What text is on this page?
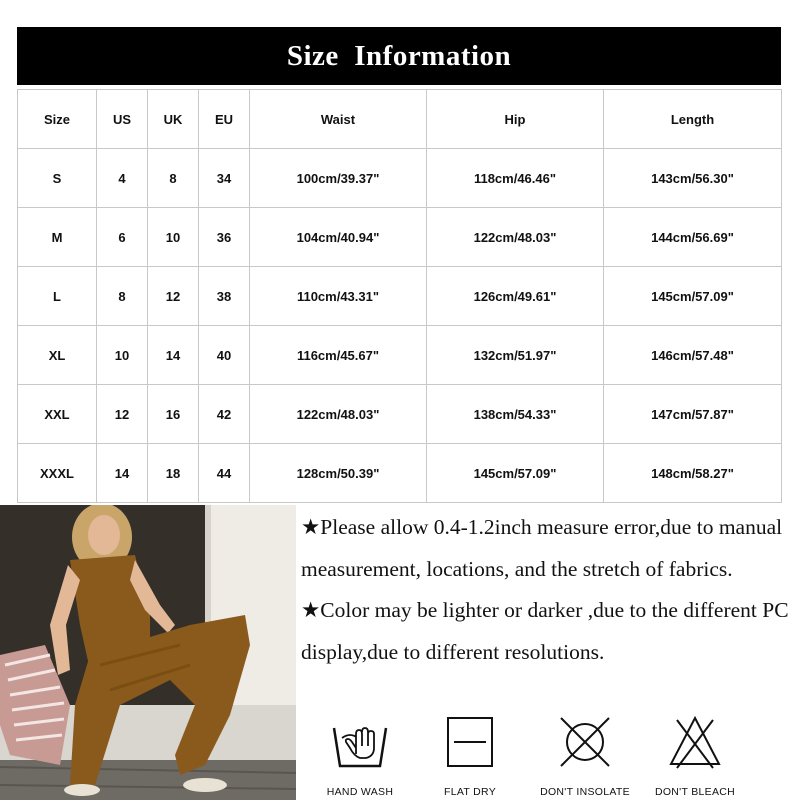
Size  Information
Size	US	UK	EU	Waist	Hip	Length
S	4	8	34	100cm/39.37"	118cm/46.46"	143cm/56.30"
M	6	10	36	104cm/40.94"	122cm/48.03"	144cm/56.69"
L	8	12	38	110cm/43.31"	126cm/49.61"	145cm/57.09"
XL	10	14	40	116cm/45.67"	132cm/51.97"	146cm/57.48"
XXL	12	16	42	122cm/48.03"	138cm/54.33"	147cm/57.87"
XXXL	14	18	44	128cm/50.39"	145cm/57.09"	148cm/58.27"

★Please allow 0.4-1.2inch measure error,due to manual measurement, locations, and the stretch of fabrics.

★Color may be lighter or darker ,due to the different PC display,due to different resolutions.

HAND WASH	FLAT DRY	DON'T INSOLATE	DON'T BLEACH
